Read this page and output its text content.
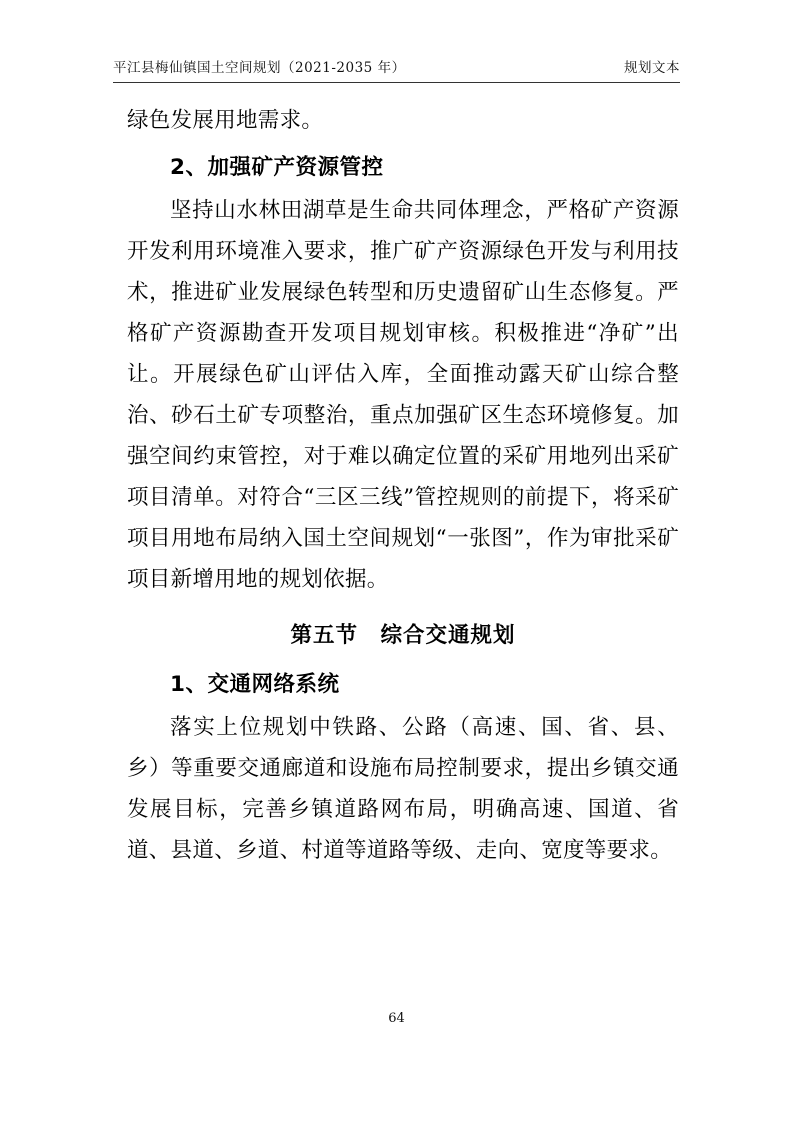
平江县梅仙镇国土空间规划（2021-2035 年）	规划文本

绿色发展用地需求。

2、加强矿产资源管控

坚持山水林田湖草是生命共同体理念，严格矿产资源开发利用环境准入要求，推广矿产资源绿色开发与利用技术，推进矿业发展绿色转型和历史遗留矿山生态修复。严格矿产资源勘查开发项目规划审核。积极推进“净矿”出让。开展绿色矿山评估入库，全面推动露天矿山综合整治、砂石土矿专项整治，重点加强矿区生态环境修复。加强空间约束管控，对于难以确定位置的采矿用地列出采矿项目清单。对符合“三区三线”管控规则的前提下，将采矿项目用地布局纳入国土空间规划“一张图”，作为审批采矿项目新增用地的规划依据。

第五节　综合交通规划
1、交通网络系统

落实上位规划中铁路、公路（高速、国、省、县、乡）等重要交通廊道和设施布局控制要求，提出乡镇交通发展目标，完善乡镇道路网布局，明确高速、国道、省道、县道、乡道、村道等道路等级、走向、宽度等要求。

64
